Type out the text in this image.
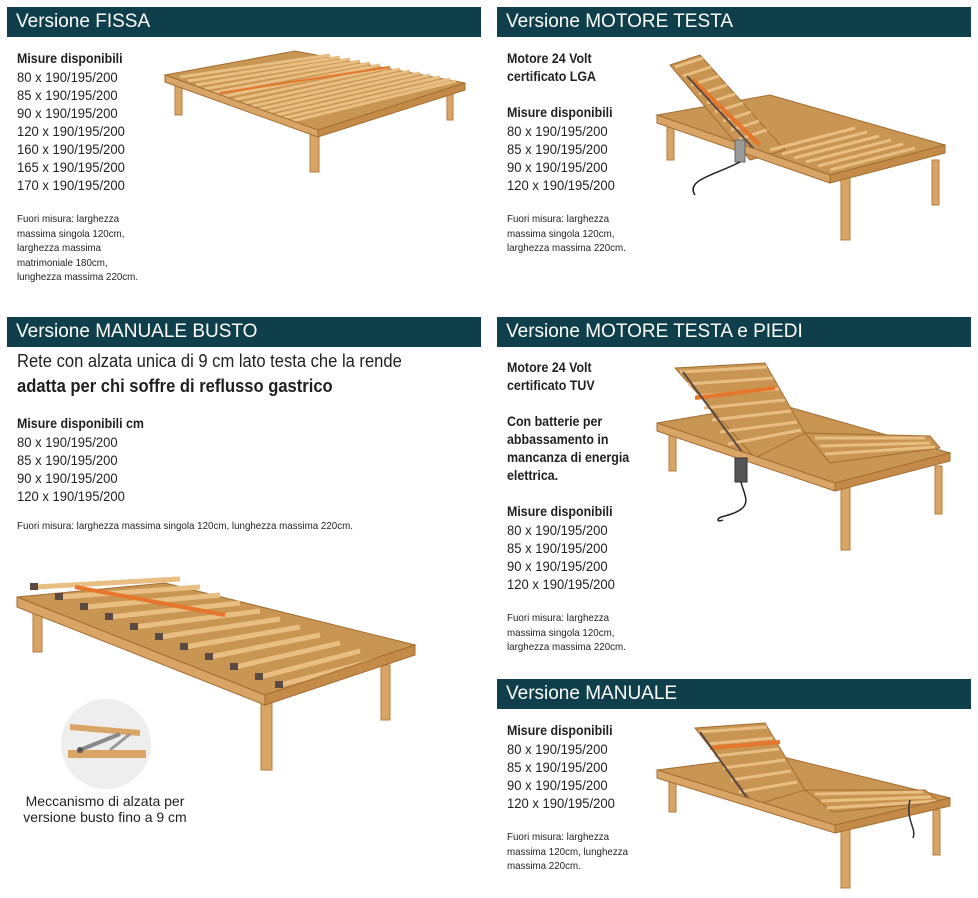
Versione FISSA
Misure disponibili
80 x 190/195/200
85 x 190/195/200
90 x 190/195/200
120 x 190/195/200
160 x 190/195/200
165 x 190/195/200
170 x 190/195/200
Fuori misura: larghezza
massima singola 120cm,
larghezza massima
matrimoniale 180cm,
lunghezza massima 220cm.
Versione MOTORE TESTA
Motore 24 Volt
certificato LGA
Misure disponibili
80 x 190/195/200
85 x 190/195/200
90 x 190/195/200
120 x 190/195/200
Fuori misura: larghezza
massima singola 120cm,
larghezza massima 220cm.
Versione MANUALE BUSTO
Rete con alzata unica di 9 cm lato testa che la rende
adatta per chi soffre di reflusso gastrico
Misure disponibili cm
80 x 190/195/200
85 x 190/195/200
90 x 190/195/200
120 x 190/195/200
Fuori misura: larghezza massima singola 120cm, lunghezza massima 220cm.
Meccanismo di alzata per
versione busto fino a 9 cm
Versione MOTORE TESTA e PIEDI
Motore 24 Volt
certificato TUV
Con batterie per
abbassamento in
mancanza di energia
elettrica.
Misure disponibili
80 x 190/195/200
85 x 190/195/200
90 x 190/195/200
120 x 190/195/200
Fuori misura: larghezza
massima singola 120cm,
larghezza massima 220cm.
Versione MANUALE
Misure disponibili
80 x 190/195/200
85 x 190/195/200
90 x 190/195/200
120 x 190/195/200
Fuori misura: larghezza
massima 120cm, lunghezza
massima 220cm.
